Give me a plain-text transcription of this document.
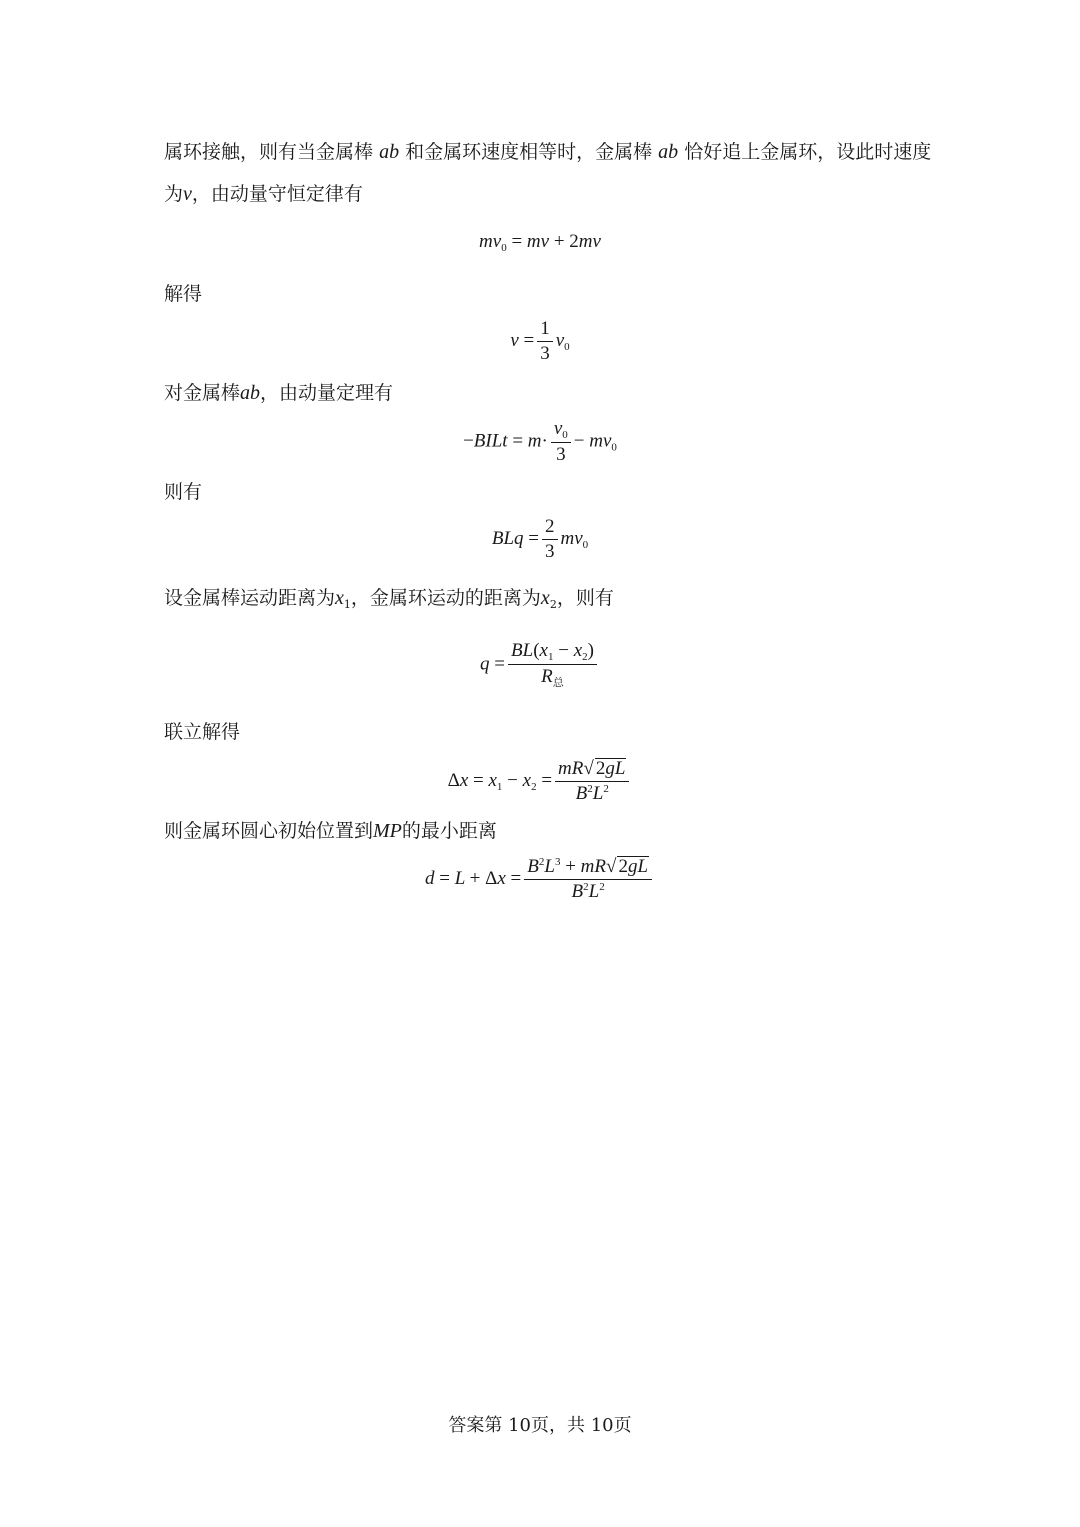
属环接触，则有当金属棒 ab 和金属环速度相等时，金属棒 ab 恰好追上金属环，设此时速度
为v，由动量守恒定律有
$mv_0$ = mv + 2mv
解得
$v = \frac{1}{3} v_0$
对金属棒ab，由动量定理有
−BILt = $m\cdot \frac{v_0}{3} - mv_0$
则有
BLq = $\frac{2}{3} mv_0$
设金属棒运动距离为$x_1$，金属环运动的距离为$x_2$，则有
$q = \frac{BL(x_1 - x_2)}{R_总}$
联立解得
$\Delta x = x_1 - x_2 = \frac{mR√ 2gL}{B^2L^2}$
则金属环圆心初始位置到MP的最小距离
$d = L + \Delta x = \frac{B^2L^3 + mR√ 2gL}{B^2L^2}$
答案第 10页，共 10页
